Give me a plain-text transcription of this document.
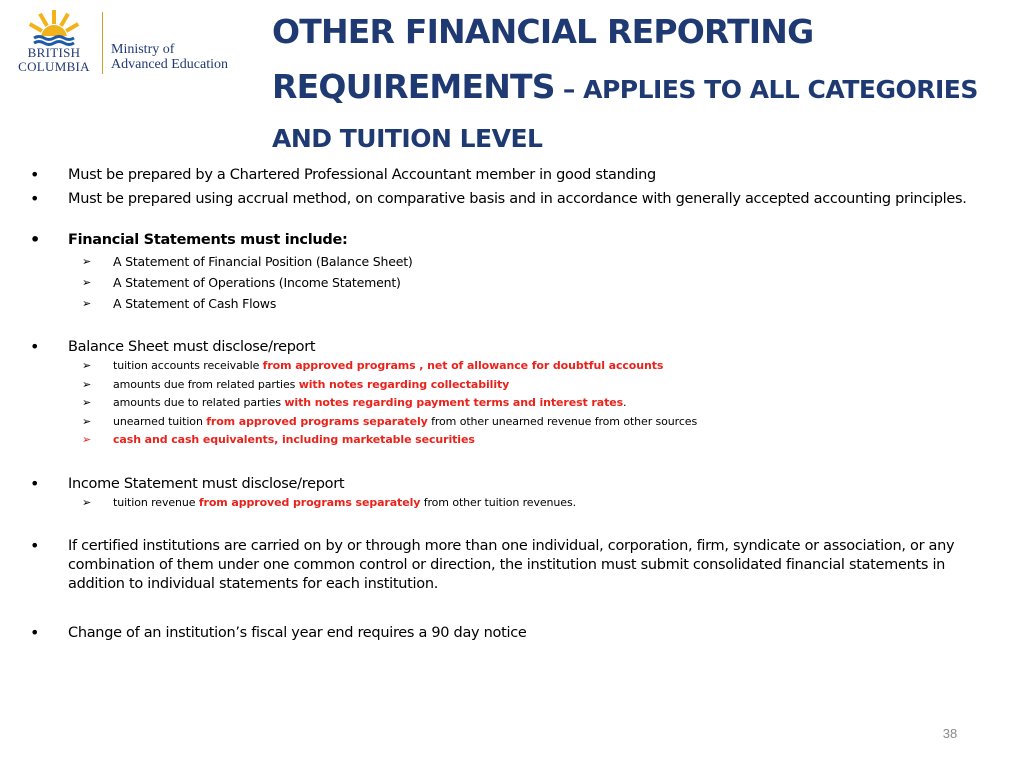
BRITISH
COLUMBIA
Ministry of
Advanced Education
OTHER FINANCIAL REPORTING
REQUIREMENTS – APPLIES TO ALL CATEGORIES
AND TUITION LEVEL
• Must be prepared by a Chartered Professional Accountant member in good standing
• Must be prepared using accrual method, on comparative basis and in accordance with generally accepted accounting principles.
• Financial Statements must include:
➢ A Statement of Financial Position (Balance Sheet)
➢ A Statement of Operations (Income Statement)
➢ A Statement of Cash Flows
• Balance Sheet must disclose/report
➢ tuition accounts receivable from approved programs , net of allowance for doubtful accounts
➢ amounts due from related parties with notes regarding collectability
➢ amounts due to related parties with notes regarding payment terms and interest rates.
➢ unearned tuition from approved programs separately from other unearned revenue from other sources
➢ cash and cash equivalents, including marketable securities
• Income Statement must disclose/report
➢ tuition revenue from approved programs separately from other tuition revenues.
• If certified institutions are carried on by or through more than one individual, corporation, firm, syndicate or association, or any combination of them under one common control or direction, the institution must submit consolidated financial statements in addition to individual statements for each institution.
• Change of an institution’s fiscal year end requires a 90 day notice
38
